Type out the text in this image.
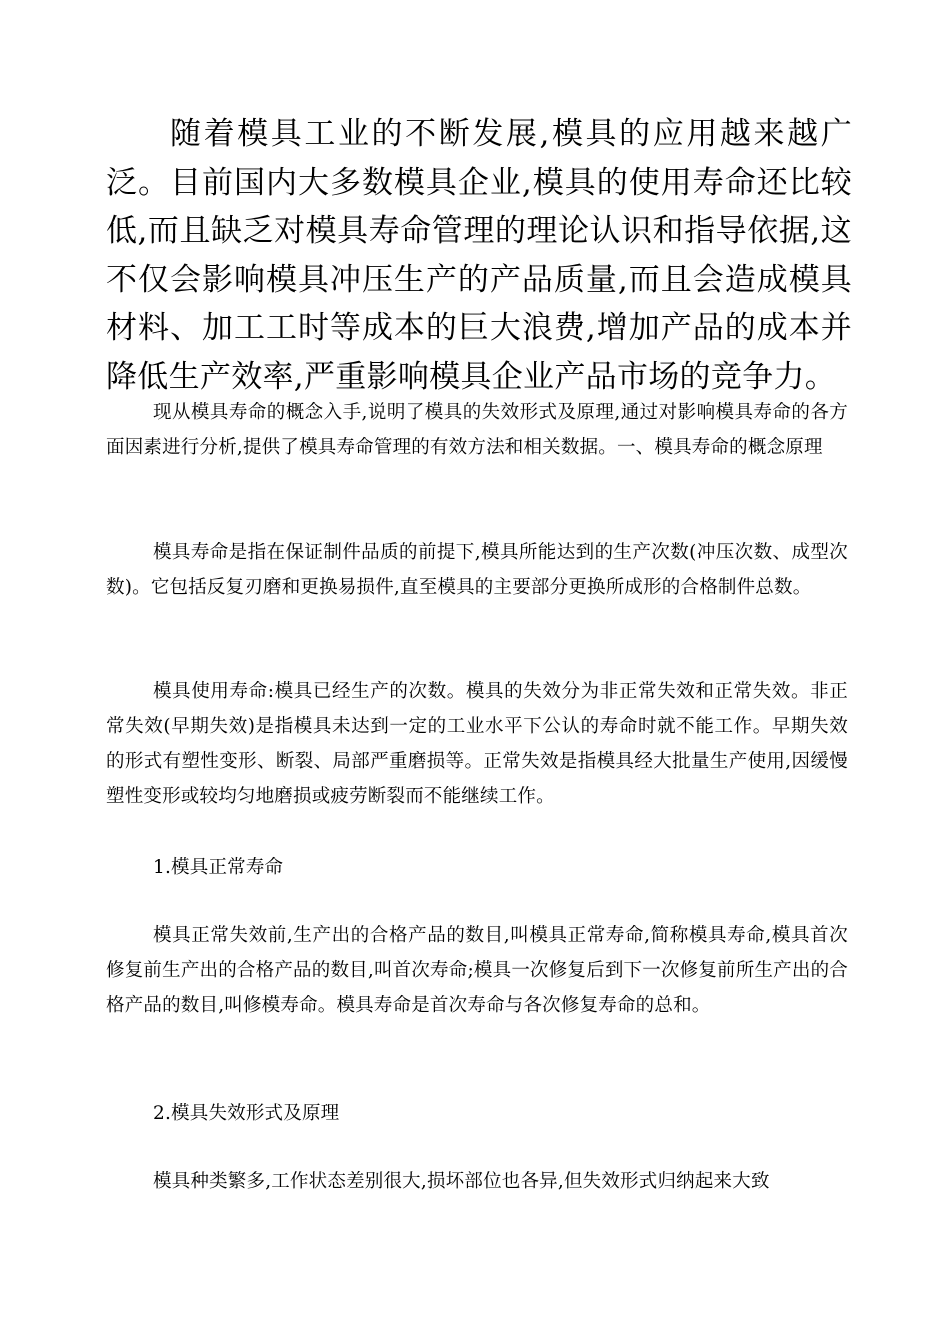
随着模具工业的不断发展,模具的应用越来越广泛。目前国内大多数模具企业,模具的使用寿命还比较低,而且缺乏对模具寿命管理的理论认识和指导依据,这不仅会影响模具冲压生产的产品质量,而且会造成模具材料、加工工时等成本的巨大浪费,增加产品的成本并降低生产效率,严重影响模具企业产品市场的竞争力。

现从模具寿命的概念入手,说明了模具的失效形式及原理,通过对影响模具寿命的各方面因素进行分析,提供了模具寿命管理的有效方法和相关数据。一、模具寿命的概念原理

模具寿命是指在保证制件品质的前提下,模具所能达到的生产次数(冲压次数、成型次数)。它包括反复刃磨和更换易损件,直至模具的主要部分更换所成形的合格制件总数。

模具使用寿命:模具已经生产的次数。模具的失效分为非正常失效和正常失效。非正常失效(早期失效)是指模具未达到一定的工业水平下公认的寿命时就不能工作。早期失效的形式有塑性变形、断裂、局部严重磨损等。正常失效是指模具经大批量生产使用,因缓慢塑性变形或较均匀地磨损或疲劳断裂而不能继续工作。

1.模具正常寿命

模具正常失效前,生产出的合格产品的数目,叫模具正常寿命,简称模具寿命,模具首次修复前生产出的合格产品的数目,叫首次寿命;模具一次修复后到下一次修复前所生产出的合格产品的数目,叫修模寿命。模具寿命是首次寿命与各次修复寿命的总和。

2.模具失效形式及原理

模具种类繁多,工作状态差别很大,损坏部位也各异,但失效形式归纳起来大致
